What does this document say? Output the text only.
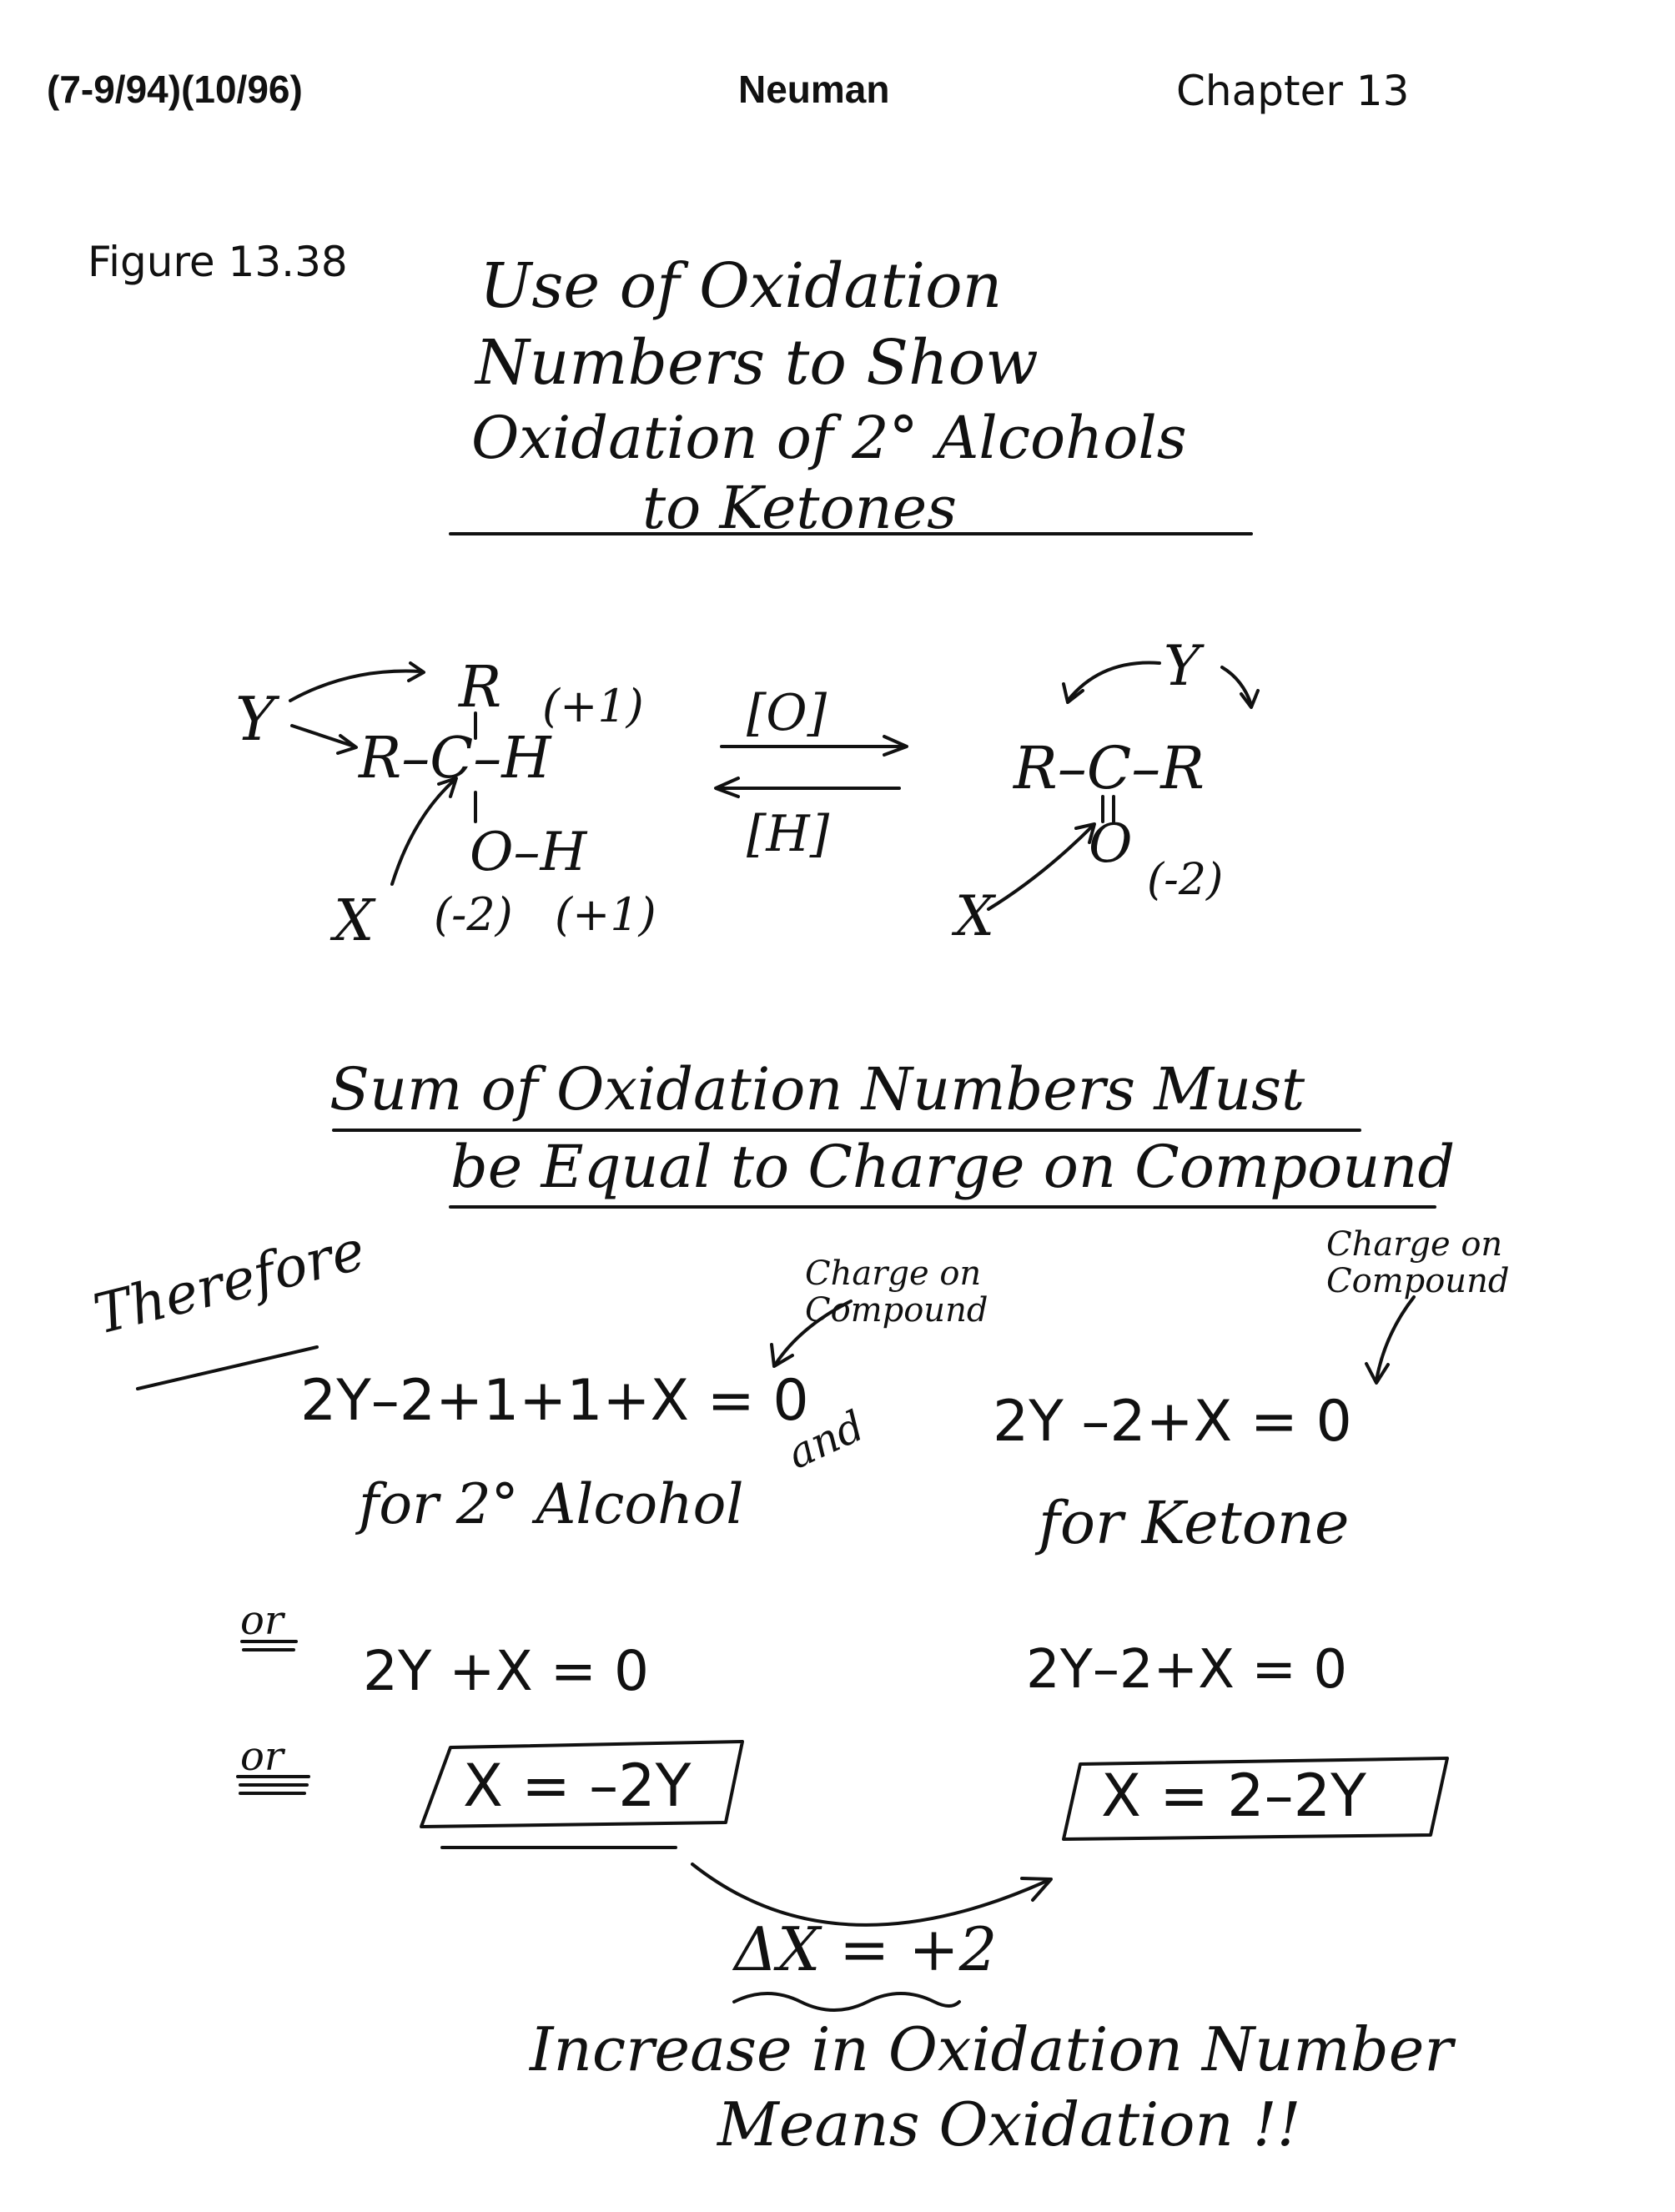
(7-9/94)(10/96)	Neuman	Chapter 13
Figure 13.38 Use of Oxidation
Numbers to Show
Oxidation of 2° Alcohols
to Ketones
R
R–C–H
O–H
Y
X
(+1)
(-2) (+1)
[O]
[H]
R–C–R
O
(-2)
Y
X
Sum of Oxidation Numbers Must
be Equal to Charge on Compound
Therefore	Charge on Compound
Charge on Compound
and
2Y–2+1+1+X = 0
for 2° Alcohol
2Y –2+X = 0
for Ketone
or
2Y +X = 0	2Y–2+X = 0
or	X = –2Y	X = 2–2Y
ΔX = +2
Increase in Oxidation Number
Means Oxidation !!
